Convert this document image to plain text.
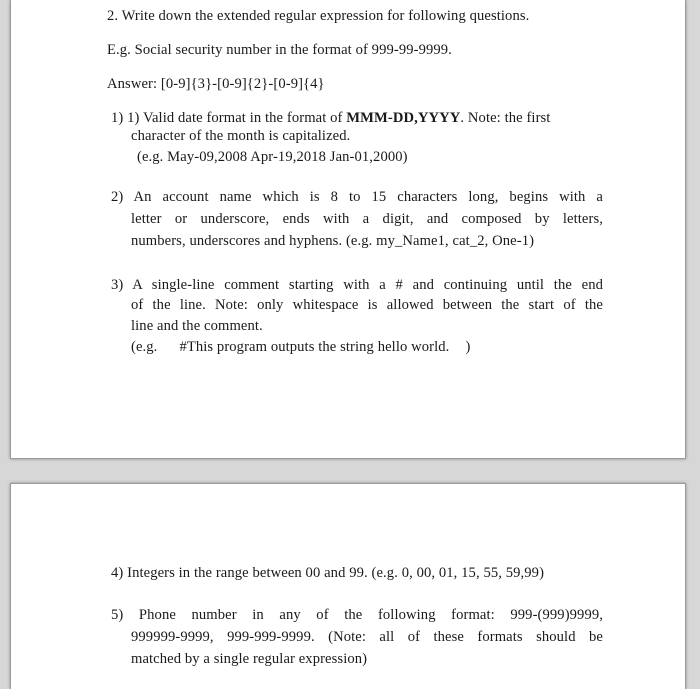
2. Write down the extended regular expression for following questions.
E.g. Social security number in the format of 999-99-9999.
Answer: [0-9]{3}-[0-9]{2}-[0-9]{4}
1) 1) Valid date format in the format of MMM-DD,YYYY. Note: the first
character of the month is capitalized.
(e.g. May-09,2008 Apr-19,2018 Jan-01,2000)
2) An account name which is 8 to 15 characters long, begins with a
letter or underscore, ends with a digit, and composed by letters,
numbers, underscores and hyphens. (e.g. my_Name1, cat_2, One-1)
3) A single-line comment starting with a # and continuing until the end
of the line. Note: only whitespace is allowed between the start of the
line and the comment.
(e.g. #This program outputs the string hello world. )
4) Integers in the range between 00 and 99. (e.g. 0, 00, 01, 15, 55, 59,99)
5) Phone number in any of the following format: 999-(999)9999,
999999-9999, 999-999-9999. (Note: all of these formats should be
matched by a single regular expression)
